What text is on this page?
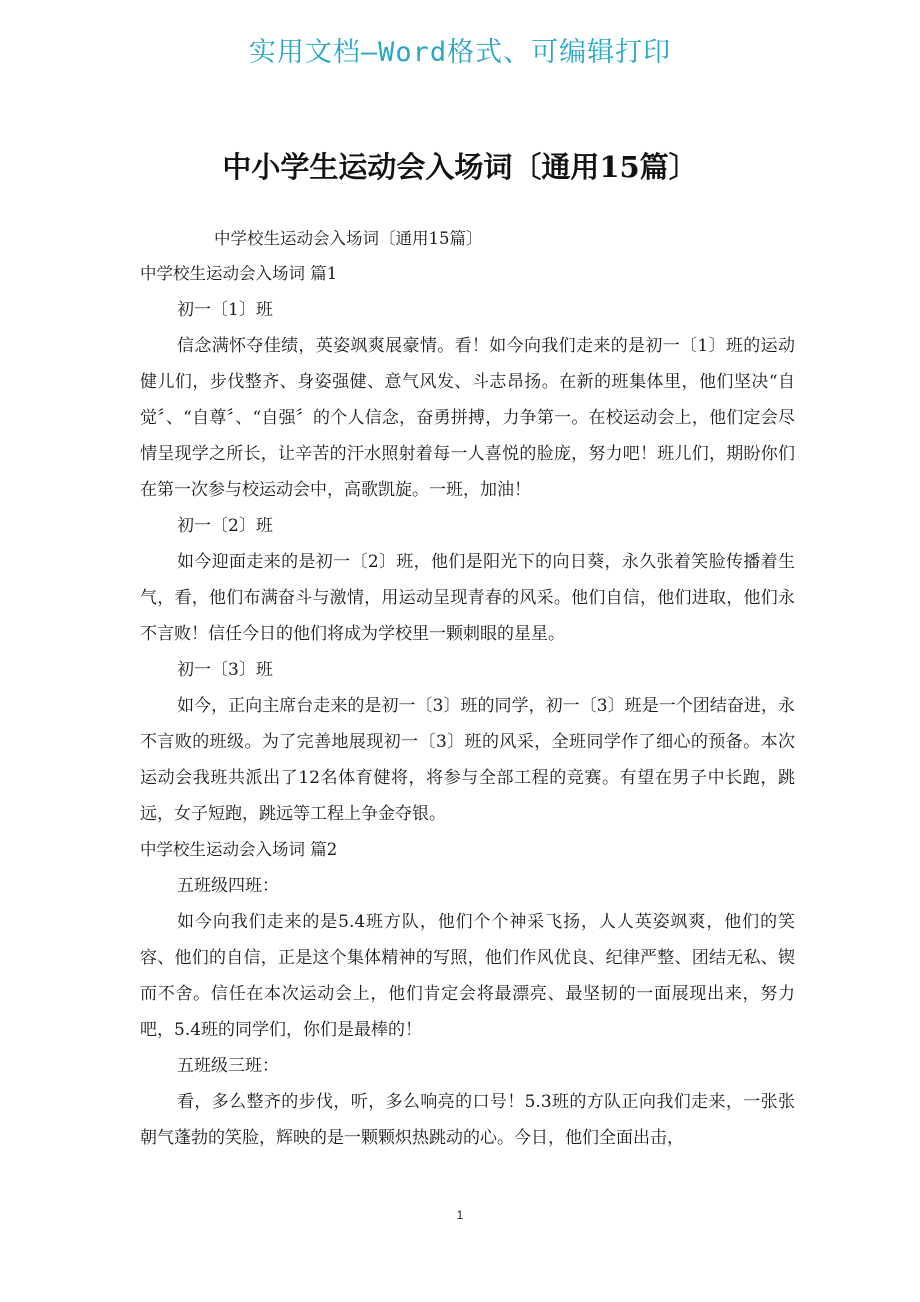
实用文档—Word格式、可编辑打印
中小学生运动会入场词〔通用15篇〕
中学校生运动会入场词〔通用15篇〕
中学校生运动会入场词 篇1
初一〔1〕班

信念满怀夺佳绩，英姿飒爽展豪情。看！如今向我们走来的是初一〔1〕班的运动健儿们，步伐整齐、身姿强健、意气风发、斗志昂扬。在新的班集体里，他们坚决“自觉〞、“自尊〞、“自强〞的个人信念，奋勇拼搏，力争第一。在校运动会上，他们定会尽情呈现学之所长，让辛苦的汗水照射着每一人喜悦的脸庞，努力吧！班儿们，期盼你们在第一次参与校运动会中，高歌凯旋。一班，加油！

初一〔2〕班

如今迎面走来的是初一〔2〕班，他们是阳光下的向日葵，永久张着笑脸传播着生气，看，他们布满奋斗与激情，用运动呈现青春的风采。他们自信，他们进取，他们永不言败！信任今日的他们将成为学校里一颗刺眼的星星。

初一〔3〕班

如今，正向主席台走来的是初一〔3〕班的同学，初一〔3〕班是一个团结奋进，永不言败的班级。为了完善地展现初一〔3〕班的风采，全班同学作了细心的预备。本次运动会我班共派出了12名体育健将，将参与全部工程的竞赛。有望在男子中长跑，跳远，女子短跑，跳远等工程上争金夺银。

中学校生运动会入场词 篇2
五班级四班：

如今向我们走来的是5.4班方队，他们个个神采飞扬，人人英姿飒爽，他们的笑容、他们的自信，正是这个集体精神的写照，他们作风优良、纪律严整、团结无私、锲而不舍。信任在本次运动会上，他们肯定会将最漂亮、最坚韧的一面展现出来，努力吧，5.4班的同学们，你们是最棒的！

五班级三班：

看，多么整齐的步伐，听，多么响亮的口号！5.3班的方队正向我们走来，一张张朝气蓬勃的笑脸，辉映的是一颗颗炽热跳动的心。今日，他们全面出击，

1
